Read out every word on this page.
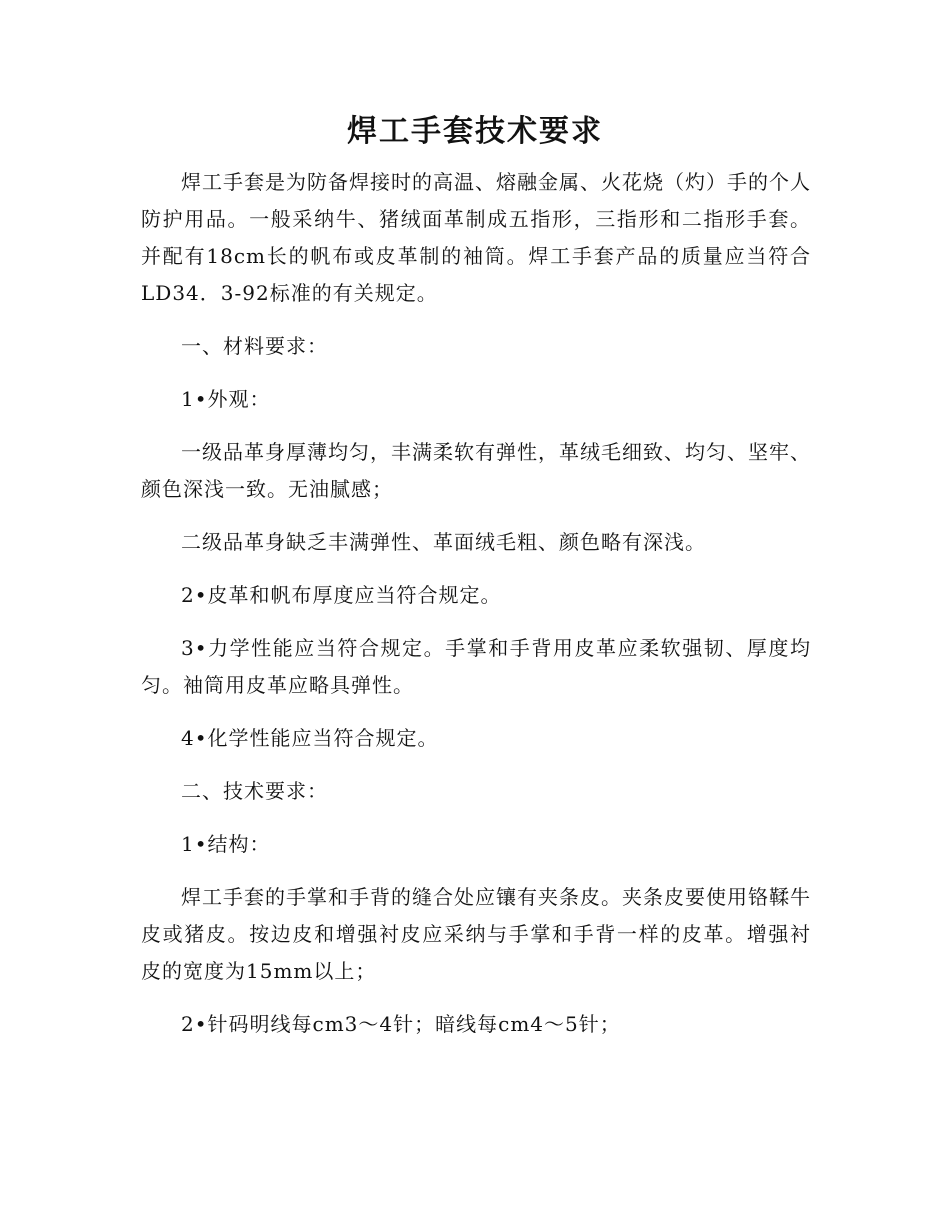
焊工手套技术要求

焊工手套是为防备焊接时的高温、熔融金属、火花烧（灼）手的个人防护用品。一般采纳牛、猪绒面革制成五指形，三指形和二指形手套。并配有18cm长的帆布或皮革制的袖筒。焊工手套产品的质量应当符合LD34．3-92标准的有关规定。

一、材料要求：

1•外观：

一级品革身厚薄均匀，丰满柔软有弹性，革绒毛细致、均匀、坚牢、颜色深浅一致。无油腻感；

二级品革身缺乏丰满弹性、革面绒毛粗、颜色略有深浅。

2•皮革和帆布厚度应当符合规定。

3•力学性能应当符合规定。手掌和手背用皮革应柔软强韧、厚度均匀。袖筒用皮革应略具弹性。

4•化学性能应当符合规定。

二、技术要求：

1•结构：

焊工手套的手掌和手背的缝合处应镶有夹条皮。夹条皮要使用铬鞣牛皮或猪皮。按边皮和增强衬皮应采纳与手掌和手背一样的皮革。增强衬皮的宽度为15mm以上；

2•针码明线每cm3～4针；暗线每cm4～5针；
